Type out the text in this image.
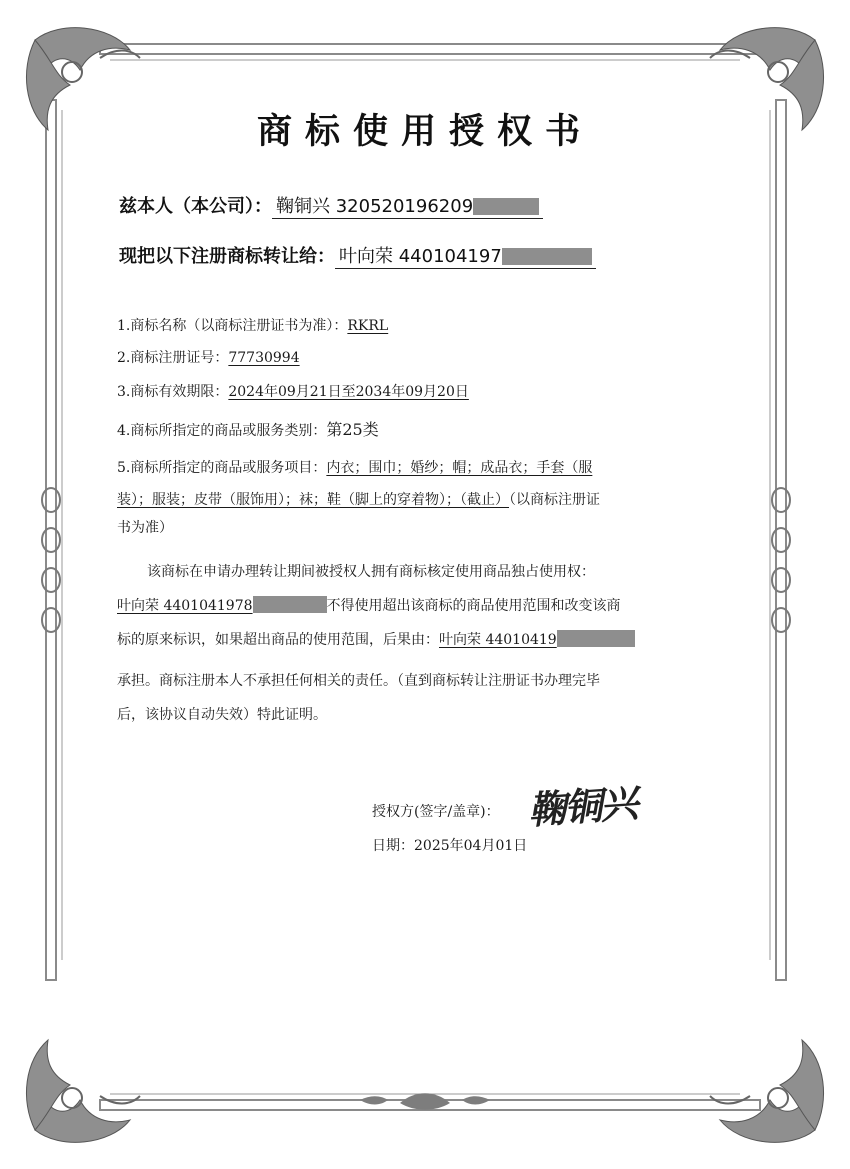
商标使用授权书
兹本人（本公司）： 鞠铜兴 320520196209
现把以下注册商标转让给： 叶向荣 440104197
1.商标名称（以商标注册证书为准）：RKRL
2.商标注册证号：77730994
3.商标有效期限：2024年09月21日至2034年09月20日
4.商标所指定的商品或服务类别：第25类
5.商标所指定的商品或服务项目：内衣；围巾；婚纱；帽；成品衣；手套（服
装）；服装；皮带（服饰用）；袜；鞋（脚上的穿着物）；（截止）（以商标注册证
书为准）
该商标在申请办理转让期间被授权人拥有商标核定使用商品独占使用权：
叶向荣 4401041978	不得使用超出该商标的商品使用范围和改变该商
标的原来标识，如果超出商品的使用范围，后果由：叶向荣 44010419
承担。商标注册本人不承担任何相关的责任。（直到商标转让注册证书办理完毕
后，该协议自动失效）特此证明。
授权方(签字/盖章)： 鞠铜兴
日期：2025年04月01日
